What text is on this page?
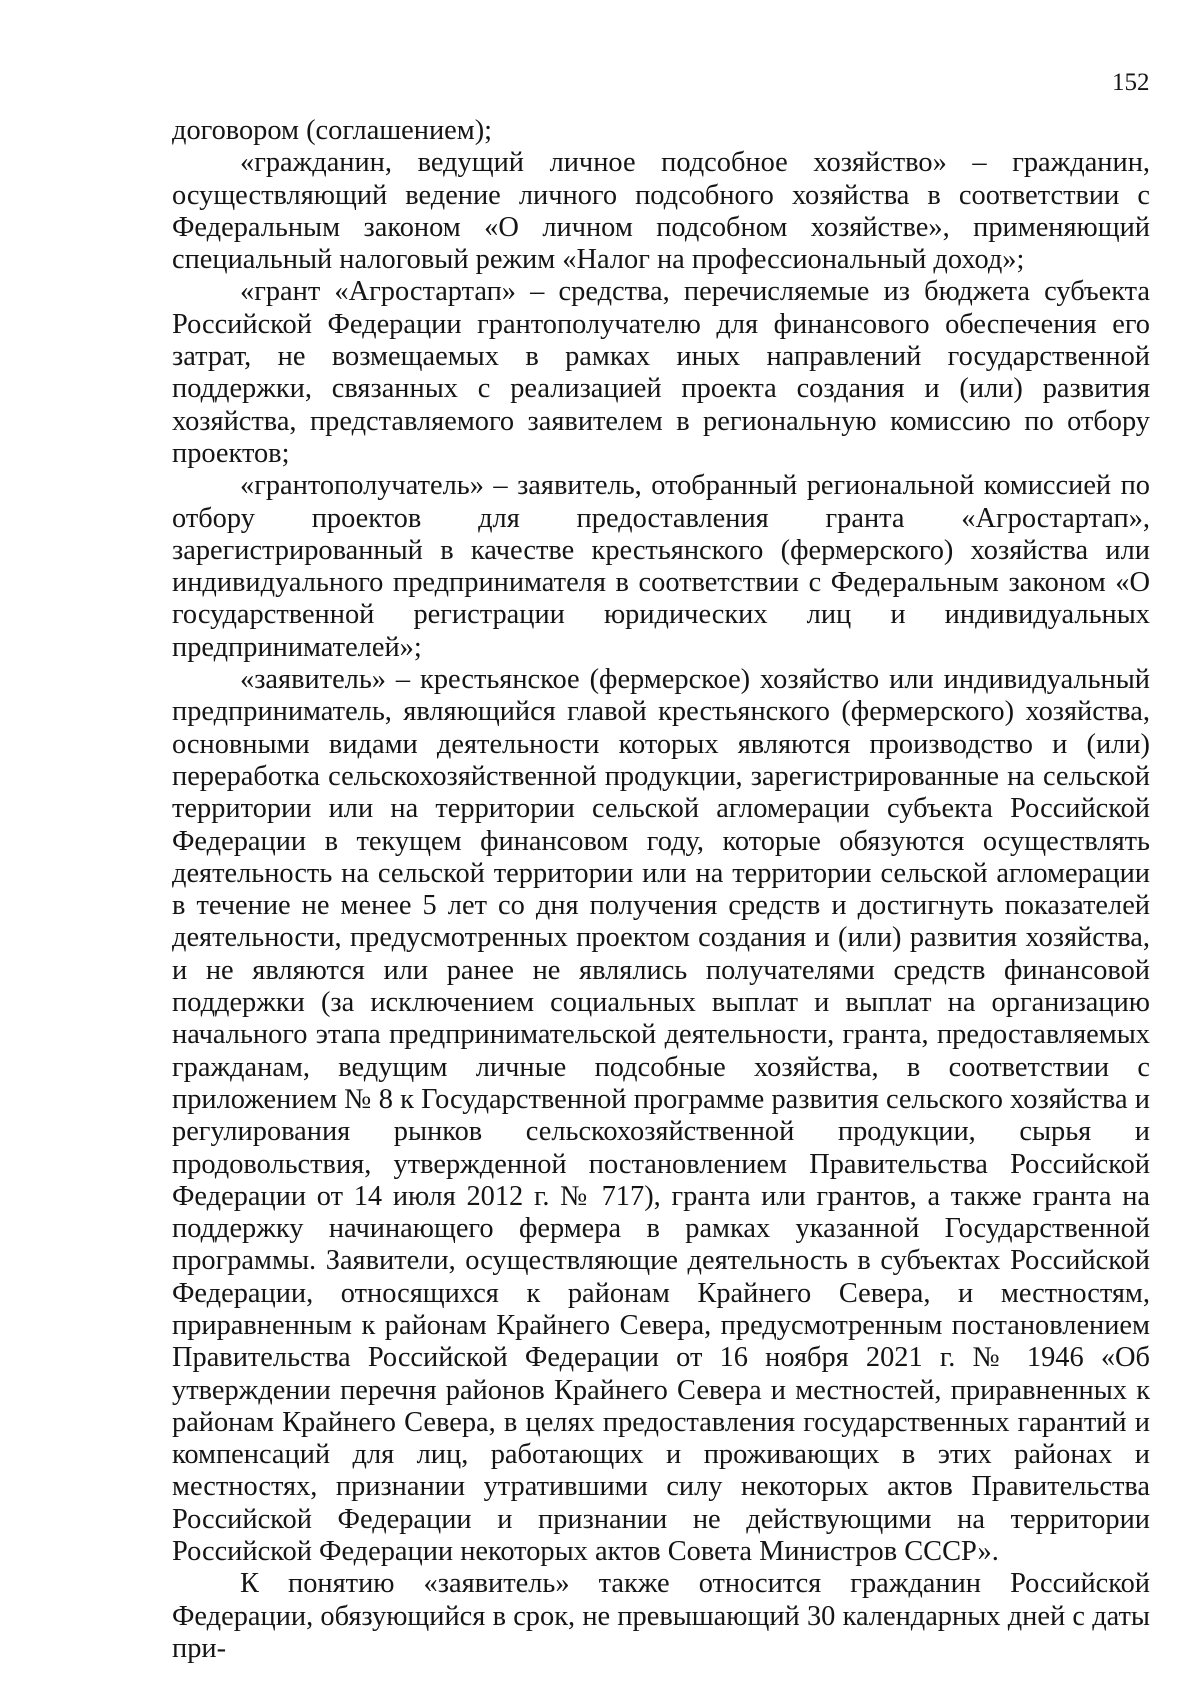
152

договором (соглашением);

«гражданин, ведущий личное подсобное хозяйство» – гражданин, осуществляющий ведение личного подсобного хозяйства в соответствии с Федеральным законом «О личном подсобном хозяйстве», применяющий специальный налоговый режим «Налог на профессиональный доход»;

«грант «Агростартап» – средства, перечисляемые из бюджета субъекта Российской Федерации грантополучателю для финансового обеспечения его затрат, не возмещаемых в рамках иных направлений государственной поддержки, связанных с реализацией проекта создания и (или) развития хозяйства, представляемого заявителем в региональную комиссию по отбору проектов;

«грантополучатель» – заявитель, отобранный региональной комиссией по отбору проектов для предоставления гранта «Агростартап», зарегистрированный в качестве крестьянского (фермерского) хозяйства или индивидуального предпринимателя в соответствии с Федеральным законом «О государственной регистрации юридических лиц и индивидуальных предпринимателей»;

«заявитель» – крестьянское (фермерское) хозяйство или индивидуальный предприниматель, являющийся главой крестьянского (фермерского) хозяйства, основными видами деятельности которых являются производство и (или) переработка сельскохозяйственной продукции, зарегистрированные на сельской территории или на территории сельской агломерации субъекта Российской Федерации в текущем финансовом году, которые обязуются осуществлять деятельность на сельской территории или на территории сельской агломерации в течение не менее 5 лет со дня получения средств и достигнуть показателей деятельности, предусмотренных проектом создания и (или) развития хозяйства, и не являются или ранее не являлись получателями средств финансовой поддержки (за исключением социальных выплат и выплат на организацию начального этапа предпринимательской деятельности, гранта, предоставляемых гражданам, ведущим личные подсобные хозяйства, в соответствии с приложением № 8 к Государственной программе развития сельского хозяйства и регулирования рынков сельскохозяйственной продукции, сырья и продовольствия, утвержденной постановлением Правительства Российской Федерации от 14 июля 2012 г. № 717), гранта или грантов, а также гранта на поддержку начинающего фермера в рамках указанной Государственной программы. Заявители, осуществляющие деятельность в субъектах Российской Федерации, относящихся к районам Крайнего Севера, и местностям, приравненным к районам Крайнего Севера, предусмотренным постановлением Правительства Российской Федерации от 16 ноября 2021 г. № 1946 «Об утверждении перечня районов Крайнего Севера и местностей, приравненных к районам Крайнего Севера, в целях предоставления государственных гарантий и компенсаций для лиц, работающих и проживающих в этих районах и местностях, признании утратившими силу некоторых актов Правительства Российской Федерации и признании не действующими на территории Российской Федерации некоторых актов Совета Министров СССР».

К понятию «заявитель» также относится гражданин Российской Федерации, обязующийся в срок, не превышающий 30 календарных дней с даты при-
